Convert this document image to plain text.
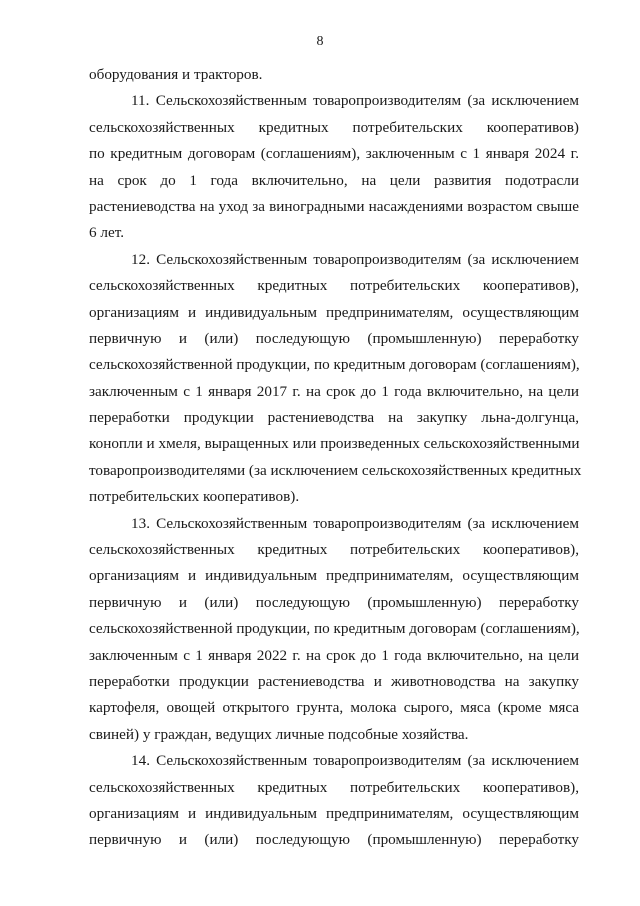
8
оборудования и тракторов.
11. Сельскохозяйственным товаропроизводителям (за исключением
сельскохозяйственных кредитных потребительских кооперативов)
по кредитным договорам (соглашениям), заключенным с 1 января 2024 г.
на срок до 1 года включительно, на цели развития подотрасли
растениеводства на уход за виноградными насаждениями возрастом свыше
6 лет.
12. Сельскохозяйственным товаропроизводителям (за исключением
сельскохозяйственных кредитных потребительских кооперативов),
организациям и индивидуальным предпринимателям, осуществляющим
первичную и (или) последующую (промышленную) переработку
сельскохозяйственной продукции, по кредитным договорам (соглашениям),
заключенным с 1 января 2017 г. на срок до 1 года включительно, на цели
переработки продукции растениеводства на закупку льна-долгунца,
конопли и хмеля, выращенных или произведенных сельскохозяйственными
товаропроизводителями (за исключением сельскохозяйственных кредитных
потребительских кооперативов).
13. Сельскохозяйственным товаропроизводителям (за исключением
сельскохозяйственных кредитных потребительских кооперативов),
организациям и индивидуальным предпринимателям, осуществляющим
первичную и (или) последующую (промышленную) переработку
сельскохозяйственной продукции, по кредитным договорам (соглашениям),
заключенным с 1 января 2022 г. на срок до 1 года включительно, на цели
переработки продукции растениеводства и животноводства на закупку
картофеля, овощей открытого грунта, молока сырого, мяса (кроме мяса
свиней) у граждан, ведущих личные подсобные хозяйства.
14. Сельскохозяйственным товаропроизводителям (за исключением
сельскохозяйственных кредитных потребительских кооперативов),
организациям и индивидуальным предпринимателям, осуществляющим
первичную и (или) последующую (промышленную) переработку
